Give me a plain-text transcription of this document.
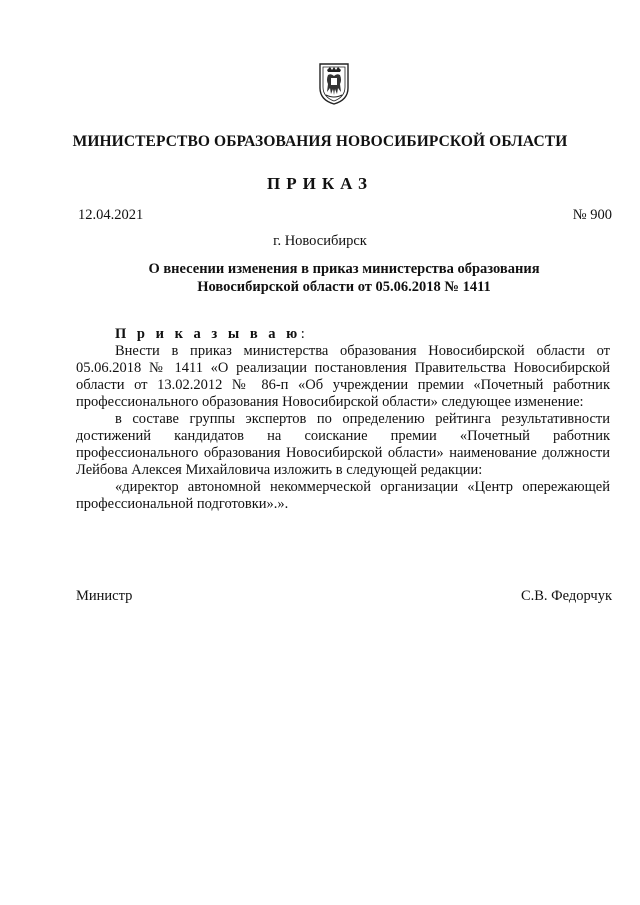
МИНИСТЕРСТВО ОБРАЗОВАНИЯ НОВОСИБИРСКОЙ ОБЛАСТИ
ПРИКАЗ
12.04.2021	№ 900
г. Новосибирск
О внесении изменения в приказ министерства образования
Новосибирской области от 05.06.2018 № 1411

П р и к а з ы в а ю:

Внести в приказ министерства образования Новосибирской области от 05.06.2018 № 1411 «О реализации постановления Правительства Новосибирской области от 13.02.2012 № 86-п «Об учреждении премии «Почетный работник профессионального образования Новосибирской области» следующее изменение:

в составе группы экспертов по определению рейтинга результативности достижений кандидатов на соискание премии «Почетный работник профессионального образования Новосибирской области» наименование должности Лейбова Алексея Михайловича изложить в следующей редакции:

«директор автономной некоммерческой организации «Центр опережающей профессиональной подготовки».».

Министр	С.В. Федорчук
